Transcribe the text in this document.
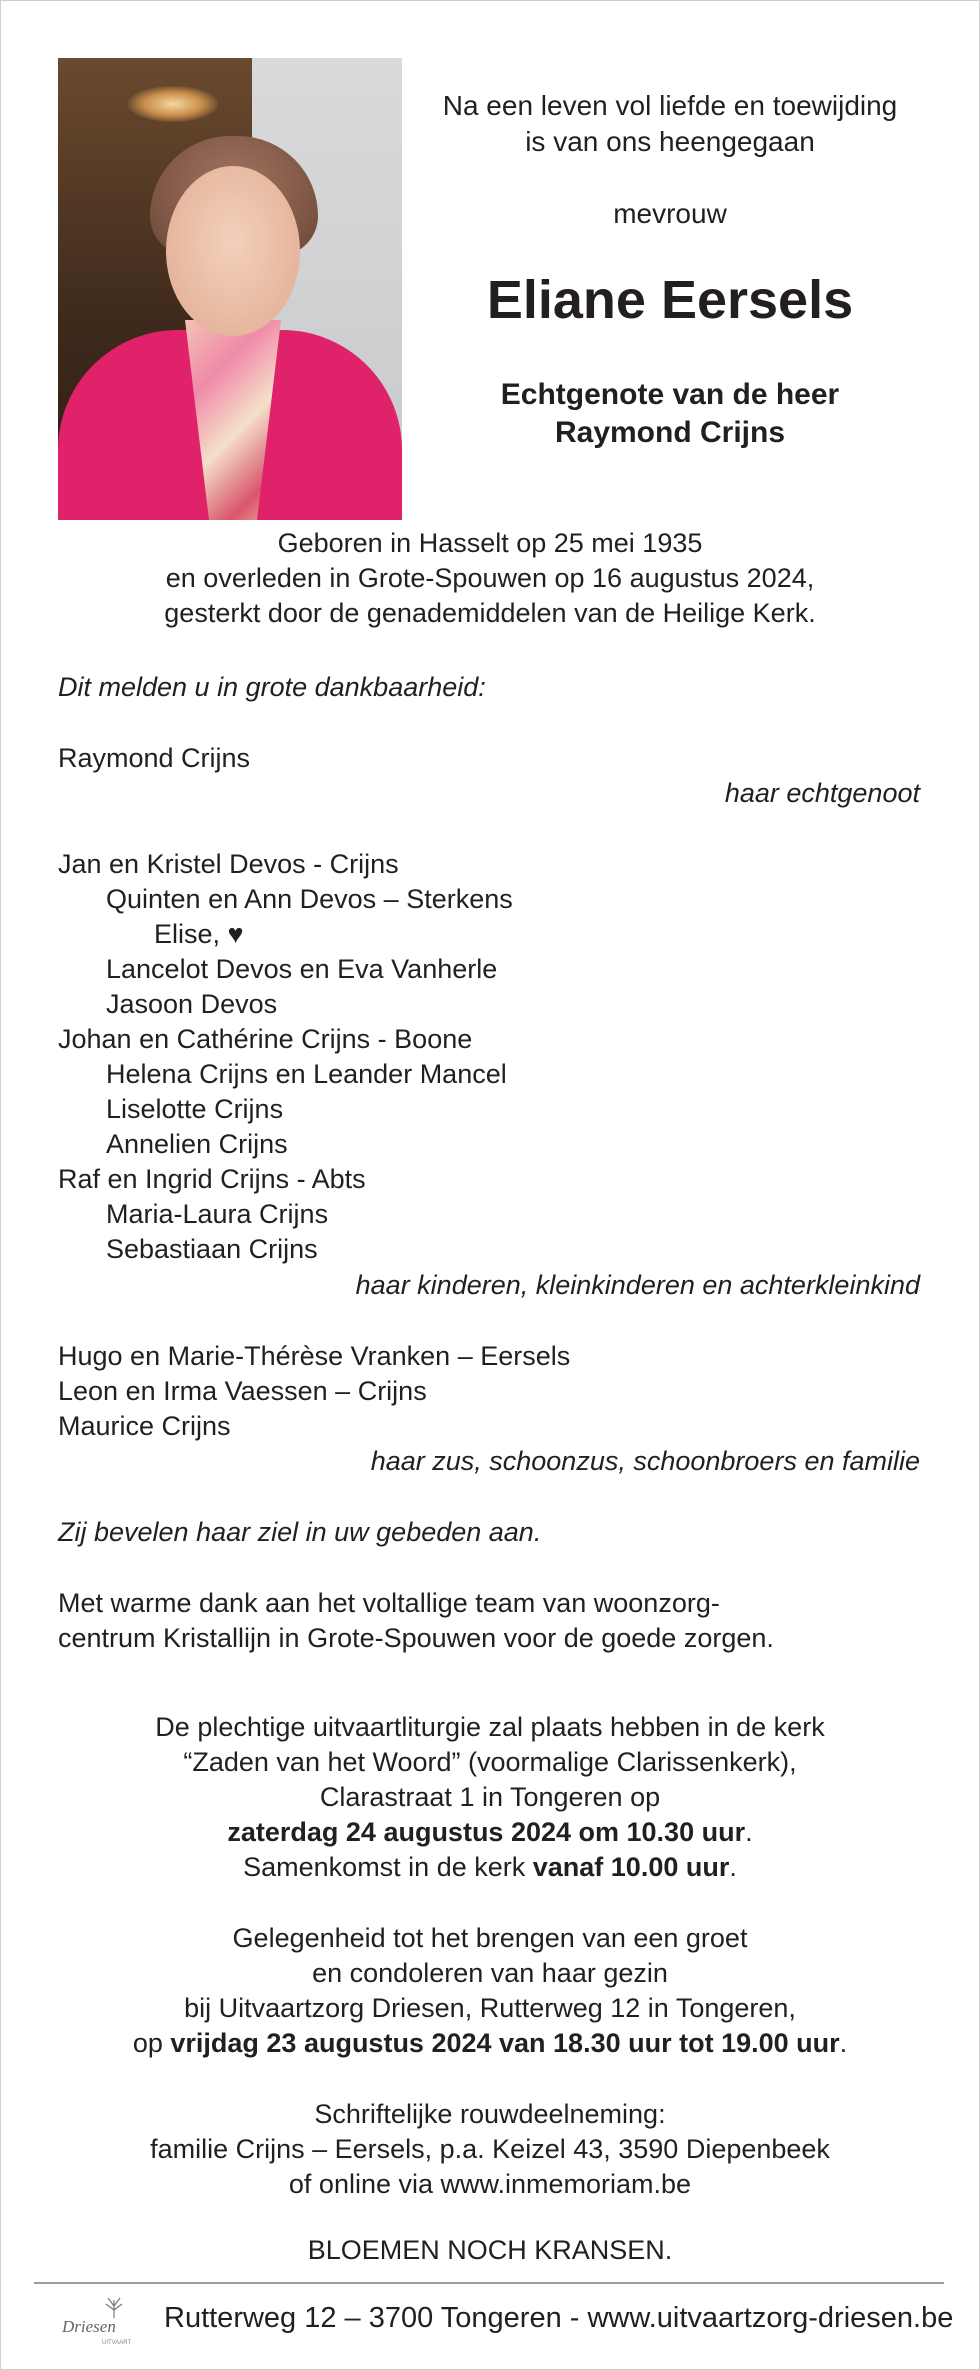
Na een leven vol liefde en toewijding
is van ons heengegaan
mevrouw
Eliane Eersels
Echtgenote van de heer
Raymond Crijns
Geboren in Hasselt op 25 mei 1935
en overleden in Grote-Spouwen op 16 augustus 2024,
gesterkt door de genademiddelen van de Heilige Kerk.
Dit melden u in grote dankbaarheid:
Raymond Crijns
haar echtgenoot
Jan en Kristel Devos - Crijns
Quinten en Ann Devos – Sterkens
Elise, ♥
Lancelot Devos en Eva Vanherle
Jasoon Devos
Johan en Cathérine Crijns - Boone
Helena Crijns en Leander Mancel
Liselotte Crijns
Annelien Crijns
Raf en Ingrid Crijns - Abts
Maria-Laura Crijns
Sebastiaan Crijns
haar kinderen, kleinkinderen en achterkleinkind
Hugo en Marie-Thérèse Vranken – Eersels
Leon en Irma Vaessen – Crijns
Maurice Crijns
haar zus, schoonzus, schoonbroers en familie
Zij bevelen haar ziel in uw gebeden aan.
Met warme dank aan het voltallige team van woonzorg-
centrum Kristallijn in Grote-Spouwen voor de goede zorgen.
De plechtige uitvaartliturgie zal plaats hebben in de kerk
“Zaden van het Woord” (voormalige Clarissenkerk),
Clarastraat 1 in Tongeren op
zaterdag 24 augustus 2024 om 10.30 uur.
Samenkomst in de kerk vanaf 10.00 uur.
Gelegenheid tot het brengen van een groet
en condoleren van haar gezin
bij Uitvaartzorg Driesen, Rutterweg 12 in Tongeren,
op vrijdag 23 augustus 2024 van 18.30 uur tot 19.00 uur.
Schriftelijke rouwdeelneming:
familie Crijns – Eersels, p.a. Keizel 43, 3590 Diepenbeek
of online via www.inmemoriam.be
BLOEMEN NOCH KRANSEN.
Driesen
UITVAART
Rutterweg 12 – 3700 Tongeren - www.uitvaartzorg-driesen.be
